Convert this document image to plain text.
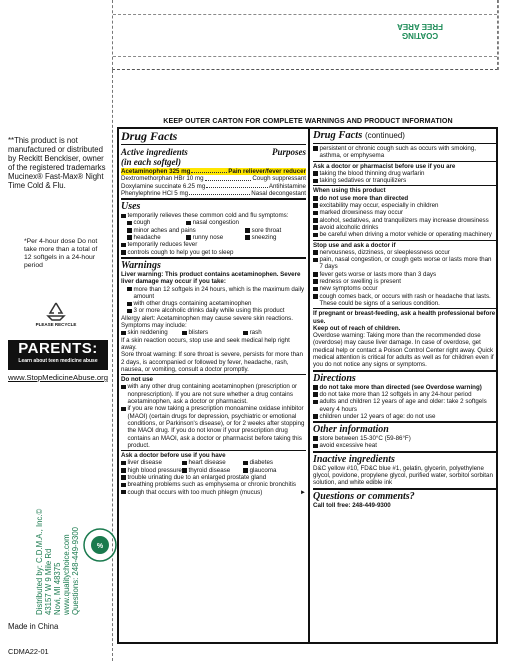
COATING
FREE AREA
**This product is not manufactured or distributed by Reckitt Benckiser, owner of the registered trademarks Mucinex® Fast-Max® Night Time Cold & Flu.
*Per 4-hour dose Do not take more than a total of 12 softgels in a 24-hour period
PLEASE RECYCLE
PARENTS:
Learn about teen medicine abuse
www.StopMedicineAbuse.org
Distributed by: C.D.M.A., Inc.© 43157 W 9 Mile Rd Novi, MI 48375 www.qualitychoice.com Questions: 248-449-9300 %
Made in China
CDMA22-01
KEEP OUTER CARTON FOR COMPLETE WARNINGS AND PRODUCT INFORMATION
Drug Facts
Active ingredients	Purposes
(in each softgel)
Acetaminophen 325 mg	Pain reliever/fever reducer
Dextromethorphan HBr 10 mg	Cough suppressant
Doxylamine succinate 6.25 mg	Antihistamine
Phenylephrine HCl 5 mg	Nasal decongestant
Uses
temporarily relieves these common cold and flu symptoms:
cough	nasal congestion
minor aches and pains	sore throat
headache	runny nose	sneezing
temporarily reduces fever
controls cough to help you get to sleep
Warnings
Liver warning: This product contains acetaminophen. Severe liver damage may occur if you take:
more than 12 softgels in 24 hours, which is the maximum daily amount
with other drugs containing acetaminophen
3 or more alcoholic drinks daily while using this product
Allergy alert: Acetaminophen may cause severe skin reactions. Symptoms may include:
skin reddening	blisters	rash
If a skin reaction occurs, stop use and seek medical help right away.
Sore throat warning: If sore throat is severe, persists for more than 2 days, is accompanied or followed by fever, headache, rash, nausea, or vomiting, consult a doctor promptly.
Do not use
with any other drug containing acetaminophen (prescription or nonprescription). If you are not sure whether a drug contains acetaminophen, ask a doctor or pharmacist.
if you are now taking a prescription monoamine oxidase inhibitor (MAOI) (certain drugs for depression, psychiatric or emotional conditions, or Parkinson's disease), or for 2 weeks after stopping the MAOI drug. If you do not know if your prescription drug contains an MAOI, ask a doctor or pharmacist before taking this product.
Ask a doctor before use if you have
liver disease	heart disease	diabetes
high blood pressure thyroid disease	glaucoma
trouble urinating due to an enlarged prostate gland
breathing problems such as emphysema or chronic bronchitis
cough that occurs with too much phlegm (mucus)	►
Drug Facts (continued)
persistent or chronic cough such as occurs with smoking, asthma, or emphysema
Ask a doctor or pharmacist before use if you are
taking the blood thinning drug warfarin
taking sedatives or tranquilizers
When using this product
do not use more than directed
excitability may occur, especially in children
marked drowsiness may occur
alcohol, sedatives, and tranquilizers may increase drowsiness
avoid alcoholic drinks
be careful when driving a motor vehicle or operating machinery
Stop use and ask a doctor if
nervousness, dizziness, or sleeplessness occur
pain, nasal congestion, or cough gets worse or lasts more than 7 days
fever gets worse or lasts more than 3 days
redness or swelling is present
new symptoms occur
cough comes back, or occurs with rash or headache that lasts. These could be signs of a serious condition.
If pregnant or breast-feeding, ask a health professional before use.
Keep out of reach of children.
Overdose warning: Taking more than the recommended dose (overdose) may cause liver damage. In case of overdose, get medical help or contact a Poison Control Center right away. Quick medical attention is critical for adults as well as for children even if you do not notice any signs or symptoms.
Directions
do not take more than directed (see Overdose warning)
do not take more than 12 softgels in any 24-hour period
adults and children 12 years of age and older: take 2 softgels every 4 hours
children under 12 years of age: do not use
Other information
store between 15-30°C (59-86°F)
avoid excessive heat
Inactive ingredients
D&C yellow #10, FD&C blue #1, gelatin, glycerin, polyethylene glycol, povidone, propylene glycol, purified water, sorbitol sorbitan solution, and white edible ink
Questions or comments?
Call toll free: 248-449-9300
